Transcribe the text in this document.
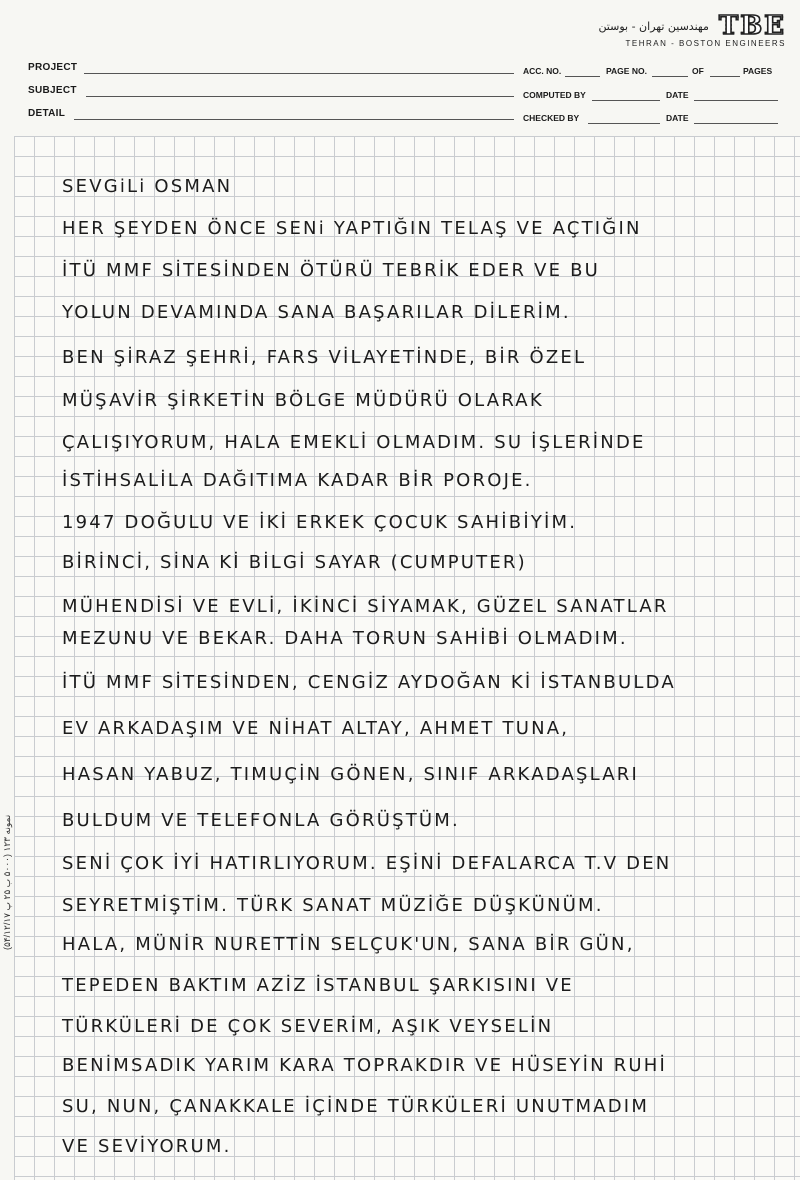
مهندسین تهران - بوستن TBE
TEHRAN - BOSTON ENGINEERS
PROJECT	ACC. NO.	PAGE NO.	OF	PAGES
SUBJECT	COMPUTED BY	DATE
DETAIL	CHECKED BY	DATE

SEVGiLi OSMAN

HER ŞEYDEN ÖNCE SENi YAPTIĞIN TELAŞ VE AÇTIĞIN

İTÜ MMF SİTESİNDEN ÖTÜRÜ TEBRİK EDER VE BU

YOLUN DEVAMINDA SANA BAŞARILAR DİLERİM.

BEN ŞİRAZ ŞEHRİ, FARS VİLAYETİNDE, BİR ÖZEL

MÜŞAVİR ŞİRKETİN BÖLGE MÜDÜRÜ OLARAK

ÇALIŞIYORUM, HALA EMEKLİ OLMADIM. SU İŞLERİNDE

İSTİHSALİLA DAĞITIMA KADAR BİR POROJE.

1947 DOĞULU VE İKİ ERKEK ÇOCUK SAHİBİYİM.

BİRİNCİ, SİNA Kİ BİLGİ SAYAR (CUMPUTER)

MÜHENDİSİ VE EVLİ, İKİNCİ SİYAMAK, GÜZEL SANATLAR

MEZUNU VE BEKAR. DAHA TORUN SAHİBİ OLMADIM.

İTÜ MMF SİTESİNDEN, CENGİZ AYDOĞAN Kİ İSTANBULDA

EV ARKADAŞIM VE NİHAT ALTAY, AHMET TUNA,

HASAN YABUZ, TIMUÇİN GÖNEN, SINIF ARKADAŞLARI

BULDUM VE TELEFONLA GÖRÜŞTÜM.

SENİ ÇOK İYİ HATIRLIYORUM. EŞİNİ DEFALARCA T.V DEN

SEYRETMİŞTİM. TÜRK SANAT MÜZİĞE DÜŞKÜNÜM.

HALA, MÜNİR NURETTİN SELÇUK'UN, SANA BİR GÜN,

TEPEDEN BAKTIM AZİZ İSTANBUL ŞARKISINI VE

TÜRKÜLERİ DE ÇOK SEVERİM, AŞIK VEYSELİN

BENİMSADIK YARIM KARA TOPRAKDIR VE HÜSEYİN RUHİ

SU, NUN, ÇANAKKALE İÇİNDE TÜRKÜLERİ UNUTMADIM

VE SEVİYORUM.

نمونه ۱۲۳ (۵۰۰۰ ب ۲۵ پ ۵۴/۱۲/۱۷)
